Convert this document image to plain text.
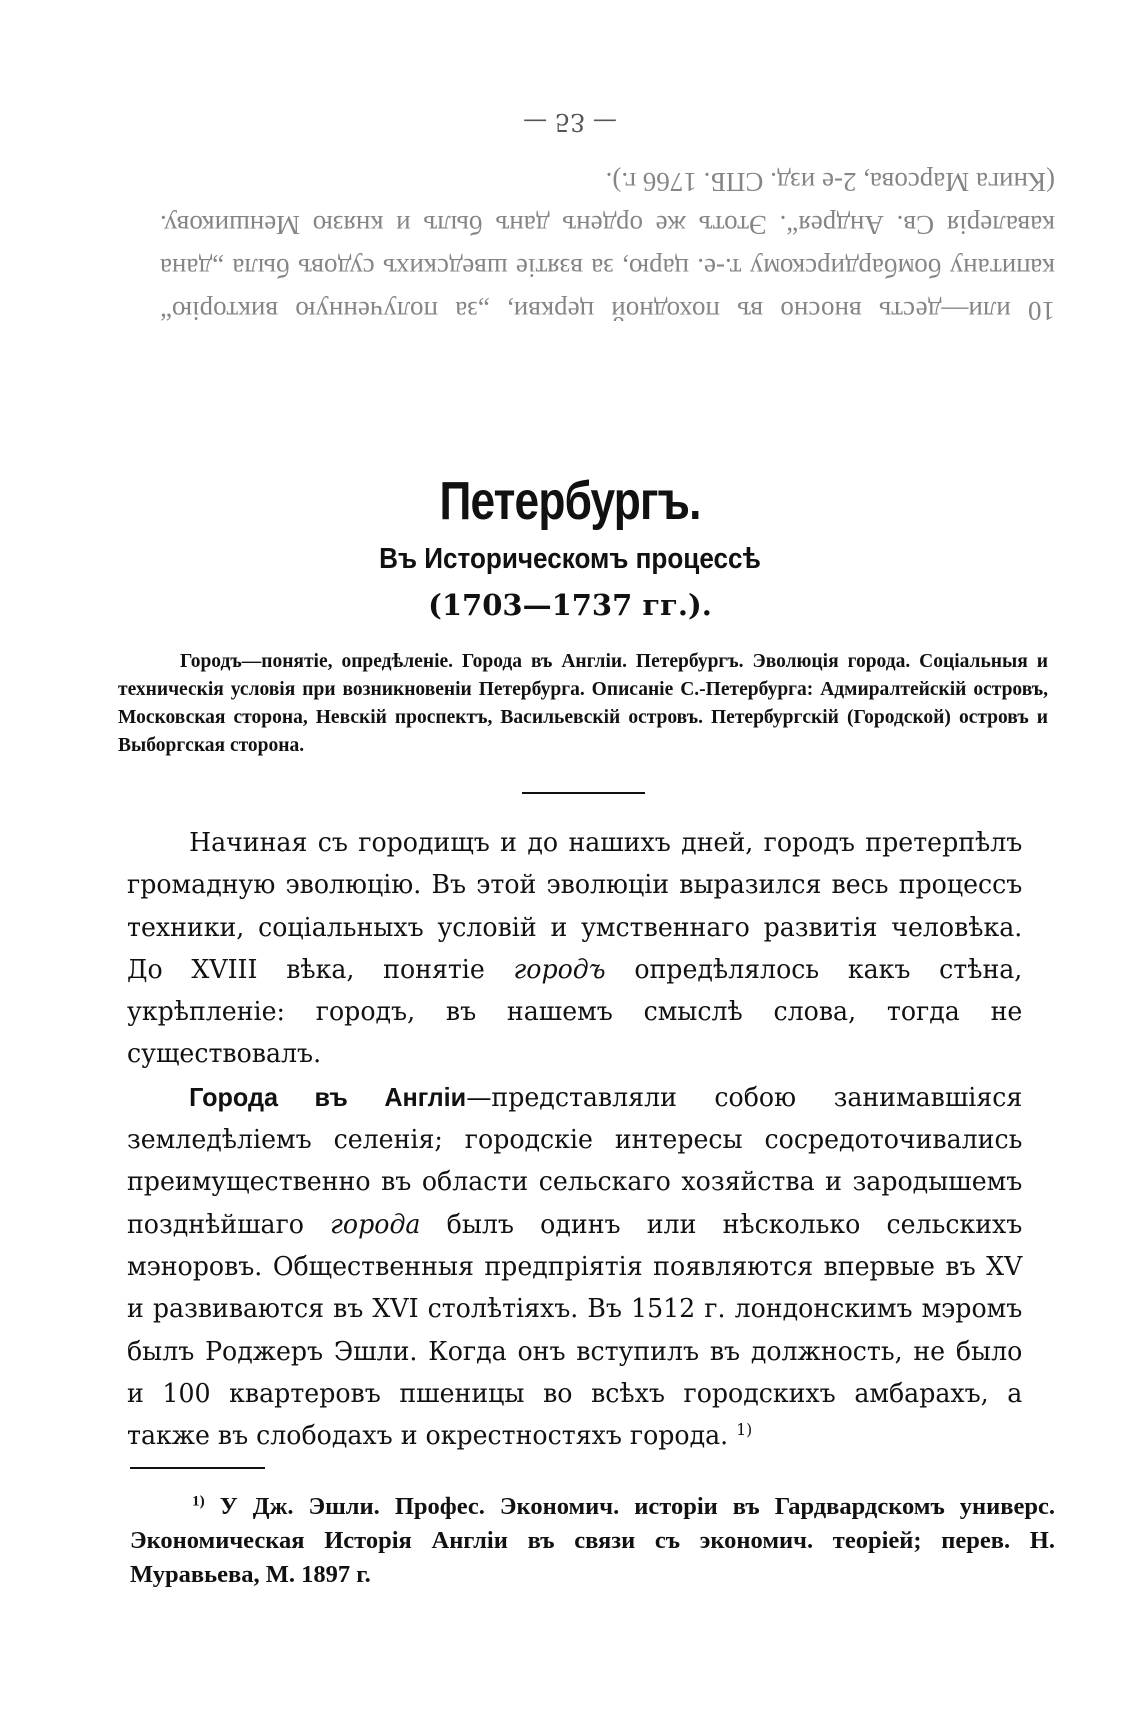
— 53 —
10 или—десть вносно въ походной церкви, „за полученную викторію“ капитану бомбардирскому т.-е. царю, за взятіе шведскихъ судовъ была „дана кавалерія Св. Андрея“. Этотъ же орденъ данъ былъ и князю Меншикову. (Книга Марсова, 2-е изд. СПБ. 1766 г.).
Петербургъ.
Въ Историческомъ процессѣ
(1703—1737 гг.).
Городъ—понятіе, опредѣленіе. Города въ Англіи. Петербургъ. Эволюція города. Соціальныя и техническія условія при возникновеніи Петербурга. Описаніе С.-Петербурга: Адмиралтейскій островъ, Московская сторона, Невскій проспектъ, Васильевскій островъ. Петербургскій (Городской) островъ и Выборгская сторона.

Начиная съ городищъ и до нашихъ дней, городъ претерпѣлъ громадную эволюцію. Въ этой эволюціи выразился весь процессъ техники, соціальныхъ условій и умственнаго развитія человѣка. До XVIII вѣка, понятіе городъ опредѣлялось какъ стѣна, укрѣпленіе: городъ, въ нашемъ смыслѣ слова, тогда не существовалъ.

Города въ Англіи—представляли собою занимавшіяся земледѣліемъ селенія; городскіе интересы сосредоточивались преимущественно въ области сельскаго хозяйства и зародышемъ позднѣйшаго города былъ одинъ или нѣсколько сельскихъ мэноровъ. Общественныя предпріятія появляются впервые въ XV и развиваются въ XVI столѣтіяхъ. Въ 1512 г. лондонскимъ мэромъ былъ Роджеръ Эшли. Когда онъ вступилъ въ должность, не было и 100 квартеровъ пшеницы во всѣхъ городскихъ амбарахъ, а также въ слободахъ и окрестностяхъ города. $^{1)}$

$^{1)}$ У Дж. Эшли. Профес. Экономич. исторіи въ Гардвардскомъ универс. Экономическая Исторія Англіи въ связи съ экономич. теоріей; перев. Н. Муравьева, М. 1897 г.
